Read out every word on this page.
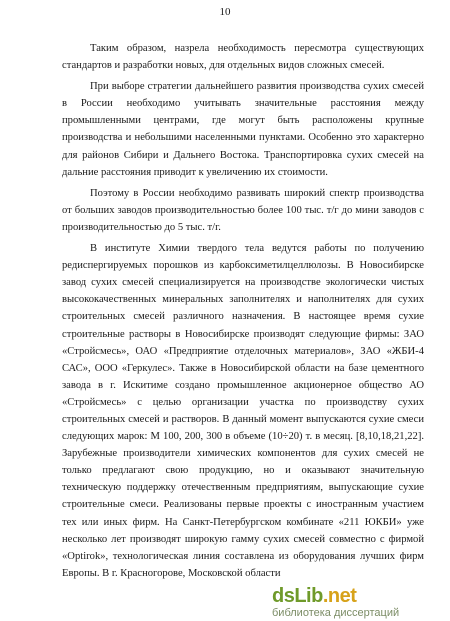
10

Таким образом, назрела необходимость пересмотра существующих стандартов и разработки новых, для отдельных видов сложных смесей.

При выборе стратегии дальнейшего развития производства сухих смесей в России необходимо учитывать значительные расстояния между промышленными центрами, где могут быть расположены крупные производства и небольшими населенными пунктами. Особенно это характерно для районов Сибири и Дальнего Востока. Транспортировка сухих смесей на дальние расстояния приводит к увеличению их стоимости.

Поэтому в России необходимо развивать широкий спектр производства от больших заводов производительностью более 100 тыс. т/г до мини заводов с производительностью до 5 тыс. т/г.

В институте Химии твердого тела ведутся работы по получению редиспергируемых порошков из карбоксиметилцеллюлозы. В Новосибирске завод сухих смесей специализируется на производстве экологически чистых высококачественных минеральных заполнителях и наполнителях для сухих строительных смесей различного назначения. В настоящее время сухие строительные растворы в Новосибирске производят следующие фирмы: ЗАО «Стройсмесь», ОАО «Предприятие отделочных материалов», ЗАО «ЖБИ-4 САС», ООО «Геркулес». Также в Новосибирской области на базе цементного завода в г. Искитиме создано промышленное акционерное общество АО «Стройсмесь» с целью организации участка по производству сухих строительных смесей и растворов. В данный момент выпускаются сухие смеси следующих марок: М 100, 200, 300 в объеме (10÷20) т. в месяц. [8,10,18,21,22]. Зарубежные производители химических компонентов для сухих смесей не только предлагают свою продукцию, но и оказывают значительную техническую поддержку отечественным предприятиям, выпускающие сухие строительные смеси. Реализованы первые проекты с иностранным участием тех или иных фирм. На Санкт-Петербургском комбинате «211 ЮКБИ» уже несколько лет производят широкую гамму сухих смесей совместно с фирмой «Optirok», технологическая линия составлена из оборудования лучших фирм Европы. В г. Красногорове, Московской области

dsLib.net
библиотека диссертаций
